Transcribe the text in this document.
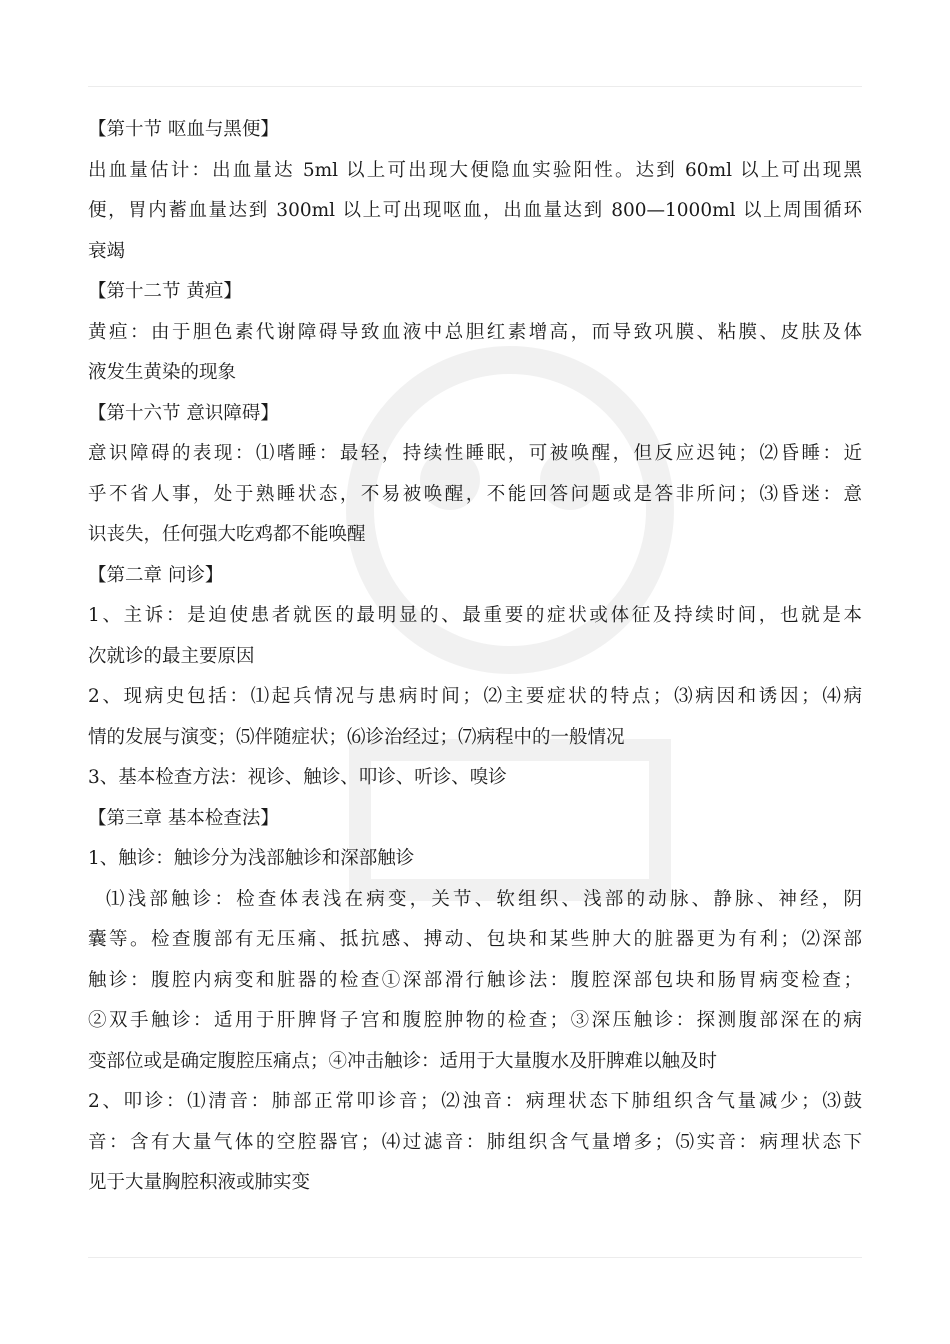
【第十节 呕血与黑便】
出血量估计：出血量达 5ml 以上可出现大便隐血实验阳性。达到 60ml 以上可出现黑
便，胃内蓄血量达到 300ml 以上可出现呕血，出血量达到 800—1000ml 以上周围循环
衰竭
【第十二节 黄疸】
黄疸：由于胆色素代谢障碍导致血液中总胆红素增高，而导致巩膜、粘膜、皮肤及体
液发生黄染的现象
【第十六节 意识障碍】
意识障碍的表现：⑴嗜睡：最轻，持续性睡眠，可被唤醒，但反应迟钝；⑵昏睡：近
乎不省人事，处于熟睡状态，不易被唤醒，不能回答问题或是答非所问；⑶昏迷：意
识丧失，任何强大吃鸡都不能唤醒
【第二章 问诊】
1、主诉：是迫使患者就医的最明显的、最重要的症状或体征及持续时间，也就是本
次就诊的最主要原因
2、现病史包括：⑴起兵情况与患病时间；⑵主要症状的特点；⑶病因和诱因；⑷病
情的发展与演变；⑸伴随症状；⑹诊治经过；⑺病程中的一般情况
3、基本检查方法：视诊、触诊、叩诊、听诊、嗅诊
【第三章 基本检查法】
1、触诊：触诊分为浅部触诊和深部触诊
⑴浅部触诊：检查体表浅在病变，关节、软组织、浅部的动脉、静脉、神经，阴
囊等。检查腹部有无压痛、抵抗感、搏动、包块和某些肿大的脏器更为有利；⑵深部
触诊：腹腔内病变和脏器的检查①深部滑行触诊法：腹腔深部包块和肠胃病变检查；
②双手触诊：适用于肝脾肾子宫和腹腔肿物的检查；③深压触诊：探测腹部深在的病
变部位或是确定腹腔压痛点；④冲击触诊：适用于大量腹水及肝脾难以触及时
2、叩诊：⑴清音：肺部正常叩诊音；⑵浊音：病理状态下肺组织含气量减少；⑶鼓
音：含有大量气体的空腔器官；⑷过滤音：肺组织含气量增多；⑸实音：病理状态下
见于大量胸腔积液或肺实变
